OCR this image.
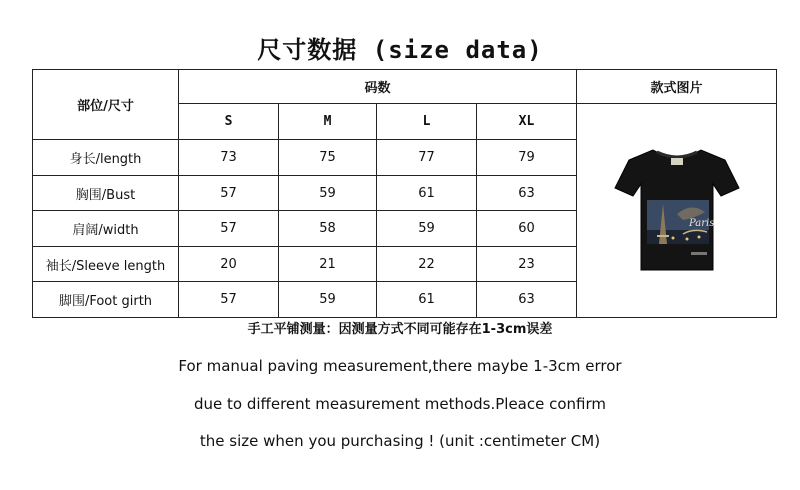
尺寸数据 (size data)
部位/尺寸	码数				款式图片
	S	M	L	XL	Paris

身长/length	73	75	77	79	
胸围/Bust	57	59	61	63	
肩阔/width	57	58	59	60	
袖长/Sleeve length	20	21	22	23	
脚围/Foot girth	57	59	61	63	
手工平铺测量：因测量方式不同可能存在1-3cm误差
For manual paving measurement,there maybe 1-3cm error
due to different measurement methods.Pleace confirm
the size when you purchasing ! (unit :centimeter CM)
